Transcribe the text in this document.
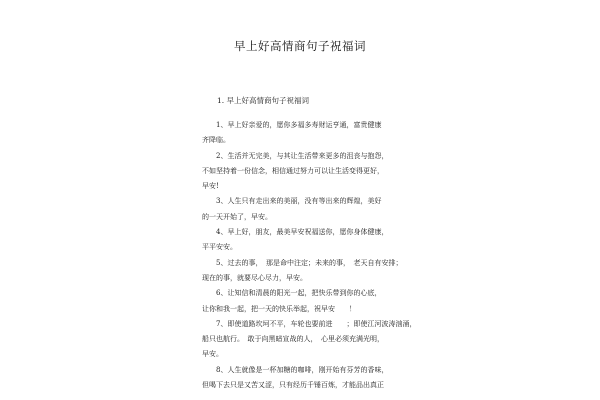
早上好高情商句子祝福词
1. 早上好高情商句子祝福词
1、早上好亲爱的，愿你多福多寿财运亨通，富贵健康
齐降临。
2、生活并无完美，与其让生活带来更多的沮丧与抱怨，
不如坚持着一份信念，相信通过努力可以让生活变得更好，
早安!
3、人生只有走出来的美丽，没有等出来的辉煌，美好
的一天开始了，早安。
4、早上好，朋友，最美早安祝福送你，愿你身体健康，
平平安安。
5、过去的事，　那是命中注定；未来的事，　老天自有安排；
现在的事，就要尽心尽力，早安。
6、让知信和清晨的阳光一起，把快乐带到你的心底，
让你和我一起，把一天的快乐举起，祝早安　　！
7、即使道路坎坷不平，车轮也要前进　　；即使江河波涛汹涌，
船只也航行。　敢于向黑暗宣战的人，　心里必须充满光明，
早安。
8、人生就像是一杯加糖的咖啡，刚开始有芬芳的香味，
但喝下去只是又苦又涩，只有经历千锤百炼，才能品出真正
